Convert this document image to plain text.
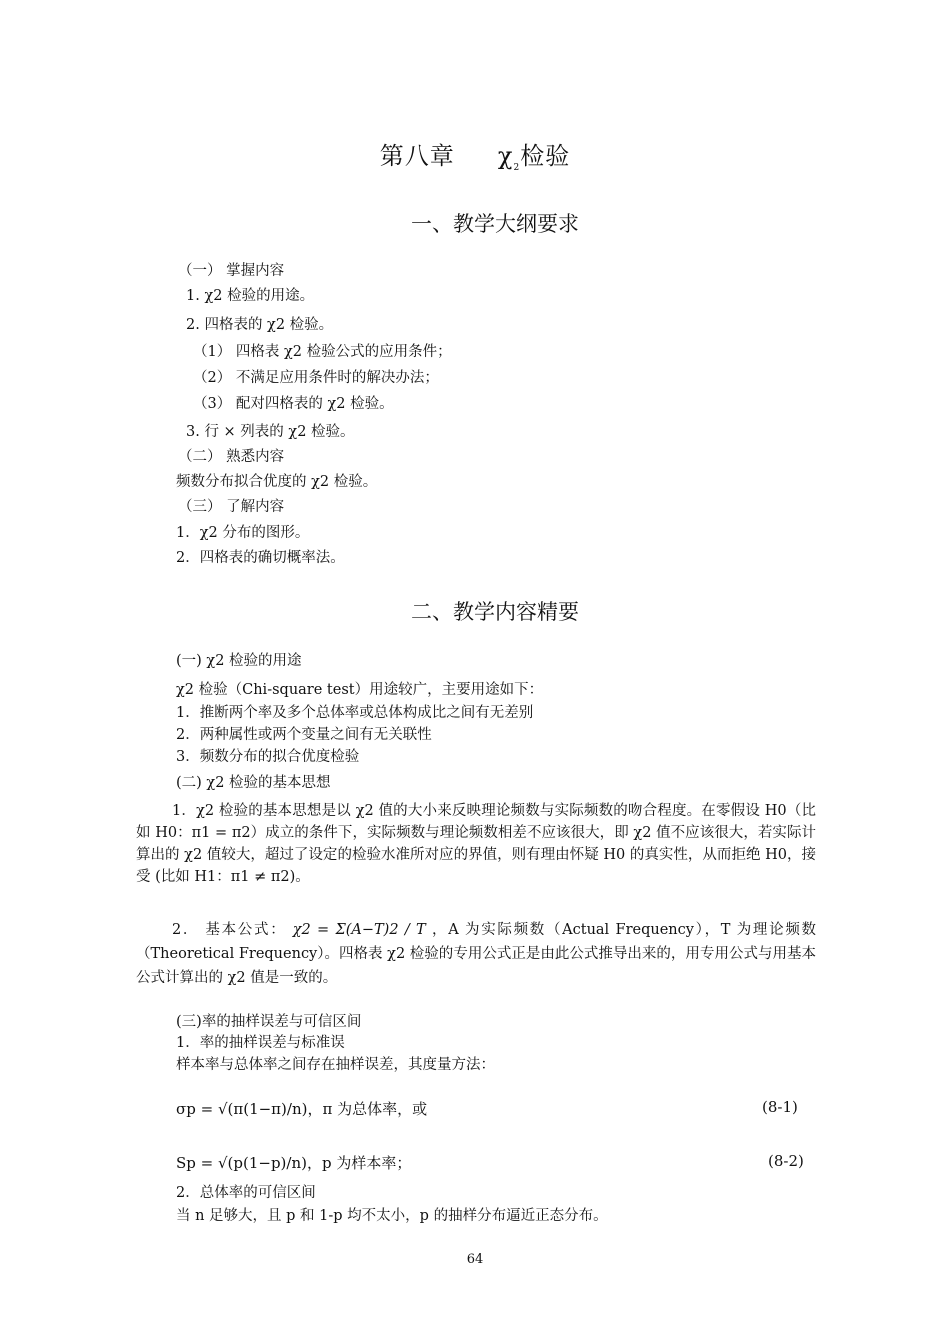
第八章     $\chi_2$检验
一、教学大纲要求
（一） 掌握内容
1. χ2 检验的用途。
2. 四格表的 χ2 检验。
（1） 四格表 χ2 检验公式的应用条件；
（2） 不满足应用条件时的解决办法；
（3） 配对四格表的 χ2 检验。
3. 行 × 列表的 χ2 检验。
（二） 熟悉内容
频数分布拟合优度的 χ2 检验。
（三） 了解内容
1．χ2 分布的图形。
2．四格表的确切概率法。
二、教学内容精要
(一) χ2 检验的用途
χ2 检验（Chi-square test）用途较广，主要用途如下：
1．推断两个率及多个总体率或总体构成比之间有无差别
2．两种属性或两个变量之间有无关联性
3．频数分布的拟合优度检验
(二) χ2 检验的基本思想
1．χ2 检验的基本思想是以 χ2 值的大小来反映理论频数与实际频数的吻合程度。在零假设 H0（比如 H0：π1 = π2）成立的条件下，实际频数与理论频数相差不应该很大，即 χ2 值不应该很大，若实际计算出的 χ2 值较大，超过了设定的检验水准所对应的界值，则有理由怀疑 H0 的真实性，从而拒绝 H0，接受 (比如 H1：π1 ≠ π2)。
2． 基本公式： χ2 = Σ(A−T)2 / T ，A 为实际频数（Actual Frequency），T 为理论频数（Theoretical Frequency）。四格表 χ2 检验的专用公式正是由此公式推导出来的，用专用公式与用基本公式计算出的 χ2 值是一致的。
(三)率的抽样误差与可信区间
1．率的抽样误差与标准误
样本率与总体率之间存在抽样误差，其度量方法：
σp = √(π(1−π)/n)，π 为总体率，或	(8-1)
Sp = √(p(1−p)/n)，p 为样本率；	(8-2)
2．总体率的可信区间
当 n 足够大，且 p 和 1-p 均不太小，p 的抽样分布逼近正态分布。
64
